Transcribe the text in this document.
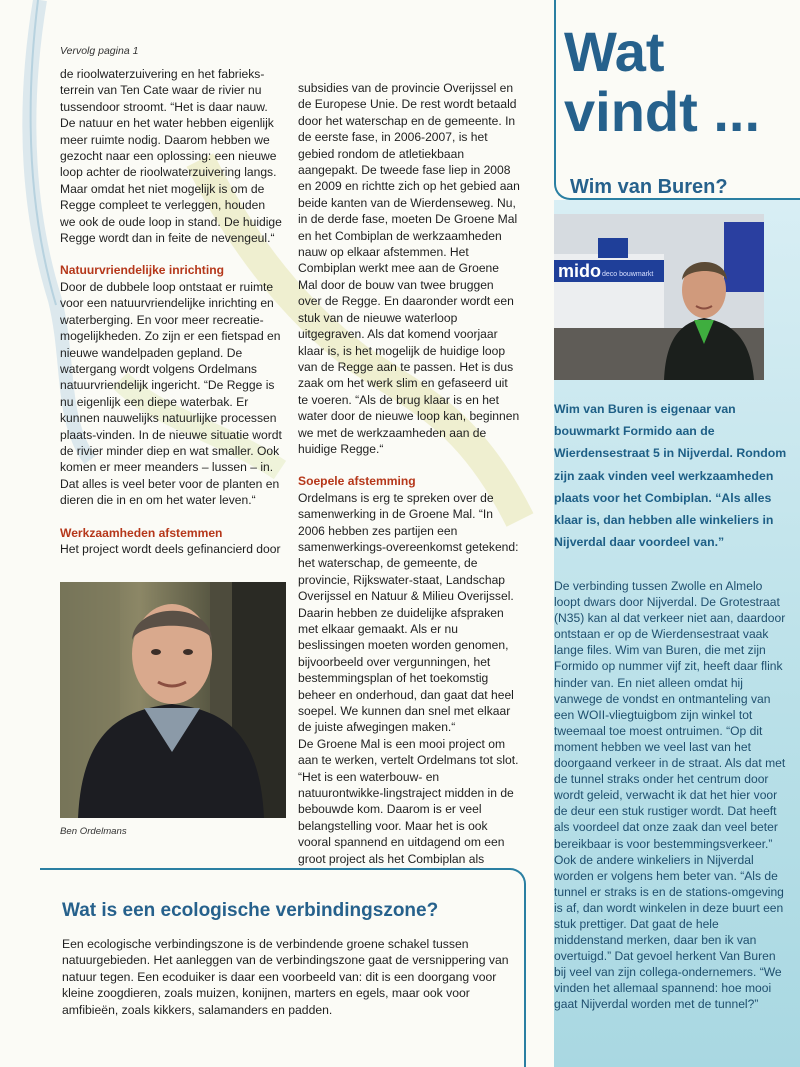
Vervolg pagina 1

de rioolwaterzuivering en het fabrieks-terrein van Ten Cate waar de rivier nu tussendoor stroomt. “Het is daar nauw. De natuur en het water hebben eigenlijk meer ruimte nodig. Daarom hebben we gezocht naar een oplossing: een nieuwe loop achter de rioolwaterzuivering langs. Maar omdat het niet mogelijk is om de Regge compleet te verleggen, houden we ook de oude loop in stand. De huidige Regge wordt dan in feite de nevengeul.“

Natuurvriendelijke inrichting

Door de dubbele loop ontstaat er ruimte voor een natuurvriendelijke inrichting en waterberging. En voor meer recreatie-mogelijkheden. Zo zijn er een fietspad en nieuwe wandelpaden gepland. De watergang wordt volgens Ordelmans natuurvriendelijk ingericht. “De Regge is nu eigenlijk een diepe waterbak. Er kunnen nauwelijks natuurlijke processen plaats-vinden. In de nieuwe situatie wordt de rivier minder diep en wat smaller. Ook komen er meer meanders – lussen – in. Dat alles is veel beter voor de planten en dieren die in en om het water leven.“

Werkzaamheden afstemmen

Het project wordt deels gefinancierd door

subsidies van de provincie Overijssel en de Europese Unie. De rest wordt betaald door het waterschap en de gemeente. In de eerste fase, in 2006-2007, is het gebied rondom de atletiekbaan aangepakt. De tweede fase liep in 2008 en 2009 en richtte zich op het gebied aan beide kanten van de Wierdenseweg. Nu, in de derde fase, moeten De Groene Mal en het Combiplan de werkzaamheden nauw op elkaar afstemmen. Het Combiplan werkt mee aan de Groene Mal door de bouw van twee bruggen over de Regge. En daaronder wordt een stuk van de nieuwe waterloop uitgegraven. Als dat komend voorjaar klaar is, is het mogelijk de huidige loop van de Regge aan te passen. Het is dus zaak om het werk slim en gefaseerd uit te voeren. “Als de brug klaar is en het water door de nieuwe loop kan, beginnen we met de werkzaamheden aan de huidige Regge.“

Soepele afstemming

Ordelmans is erg te spreken over de samenwerking in de Groene Mal. “In 2006 hebben zes partijen een samenwerkings-overeenkomst getekend: het waterschap, de gemeente, de provincie, Rijkswater-staat, Landschap Overijssel en Natuur & Milieu Overijssel. Daarin hebben ze duidelijke afspraken met elkaar gemaakt. Als er nu beslissingen moeten worden genomen, bijvoorbeeld over vergunningen, het bestemmingsplan of het toekomstig beheer en onderhoud, dan gaat dat heel soepel. We kunnen dan snel met elkaar de juiste afwegingen maken.“

De Groene Mal is een mooi project om aan te werken, vertelt Ordelmans tot slot. “Het is een waterbouw- en natuurontwikke-lingstraject midden in de bebouwde kom. Daarom is er veel belangstelling voor. Maar het is ook vooral spannend en uitdagend om een groot project als het Combiplan als

Ben Ordelmans
Wat
vindt ...
Wim van Buren?
mido deco bouwmarkt
Wim van Buren is eigenaar van bouwmarkt Formido aan de Wierdensestraat 5 in Nijverdal. Rondom zijn zaak vinden veel werkzaamheden plaats voor het Combiplan. “Als alles klaar is, dan hebben alle winkeliers in Nijverdal daar voordeel van.”

De verbinding tussen Zwolle en Almelo loopt dwars door Nijverdal. De Grotestraat (N35) kan al dat verkeer niet aan, daardoor ontstaan er op de Wierdensestraat vaak lange files. Wim van Buren, die met zijn Formido op nummer vijf zit, heeft daar flink hinder van. En niet alleen omdat hij vanwege de vondst en ontmanteling van een WOII-vliegtuigbom zijn winkel tot tweemaal toe moest ontruimen. “Op dit moment hebben we veel last van het doorgaand verkeer in de straat. Als dat met de tunnel straks onder het centrum door wordt geleid, verwacht ik dat het hier voor de deur een stuk rustiger wordt. Dat heeft als voordeel dat onze zaak dan veel beter bereikbaar is voor bestemmingsverkeer.”

Ook de andere winkeliers in Nijverdal worden er volgens hem beter van. “Als de tunnel er straks is en de stations-omgeving is af, dan wordt winkelen in deze buurt een stuk prettiger. Dat gaat de hele middenstand merken, daar ben ik van overtuigd.” Dat gevoel herkent Van Buren bij veel van zijn collega-ondernemers. “We vinden het allemaal spannend: hoe mooi gaat Nijverdal worden met de tunnel?”

Wat is een ecologische verbindingszone?
Een ecologische verbindingszone is de verbindende groene schakel tussen natuurgebieden. Het aanleggen van de verbindingszone gaat de versnippering van natuur tegen. Een ecoduiker is daar een voorbeeld van: dit is een doorgang voor kleine zoogdieren, zoals muizen, konijnen, marters en egels, maar ook voor amfibieën, zoals kikkers, salamanders en padden.
